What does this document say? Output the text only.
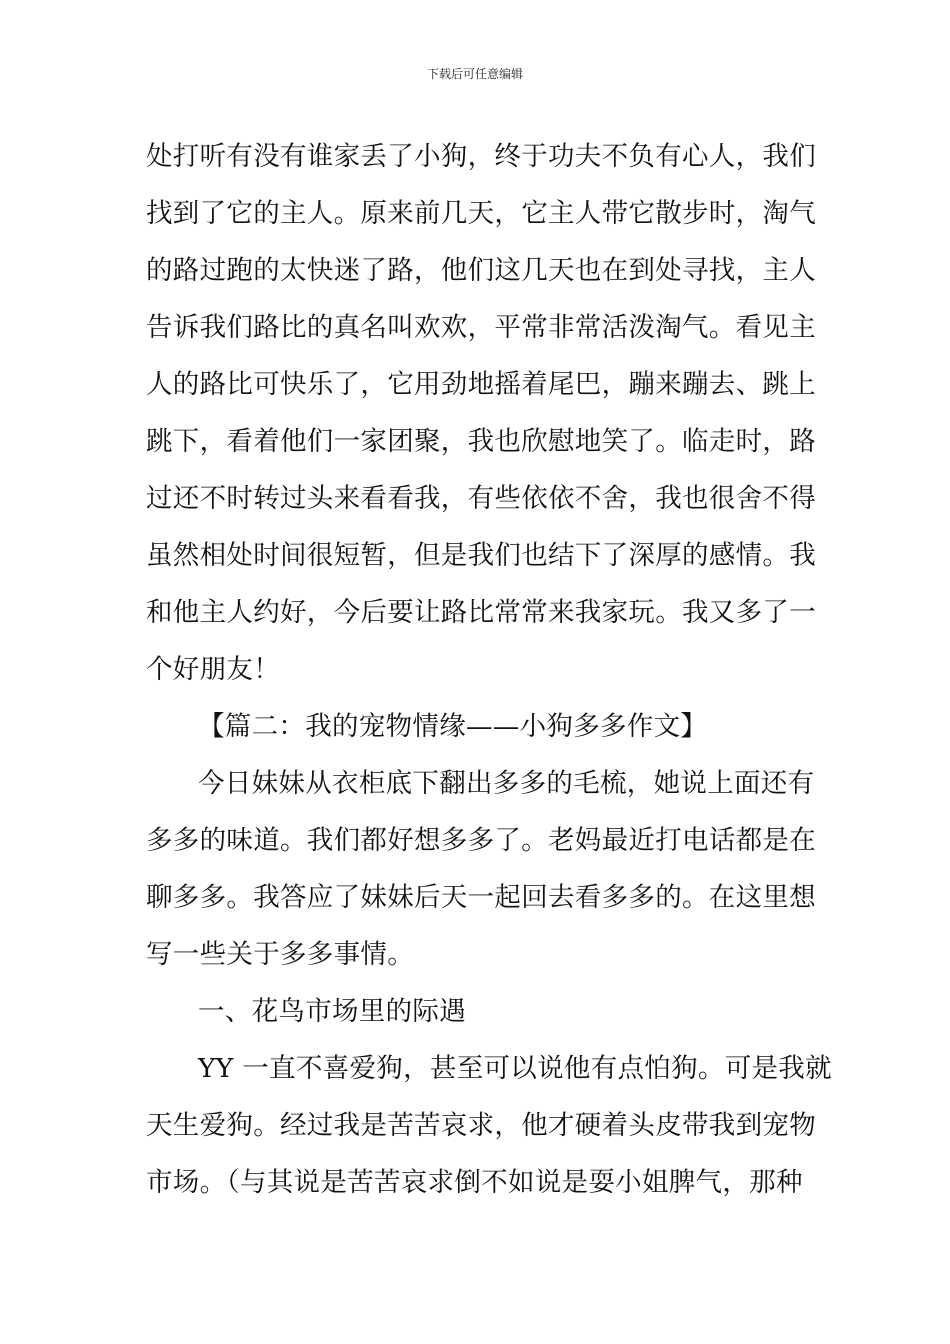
下载后可任意编辑
处打听有没有谁家丢了小狗，终于功夫不负有心人，我们
找到了它的主人。原来前几天，它主人带它散步时，淘气
的路过跑的太快迷了路，他们这几天也在到处寻找，主人
告诉我们路比的真名叫欢欢，平常非常活泼淘气。看见主
人的路比可快乐了，它用劲地摇着尾巴，蹦来蹦去、跳上
跳下，看着他们一家团聚，我也欣慰地笑了。临走时，路
过还不时转过头来看看我，有些依依不舍，我也很舍不得
虽然相处时间很短暂，但是我们也结下了深厚的感情。我
和他主人约好，今后要让路比常常来我家玩。我又多了一
个好朋友！
【篇二：我的宠物情缘——小狗多多作文】
今日妹妹从衣柜底下翻出多多的毛梳，她说上面还有
多多的味道。我们都好想多多了。老妈最近打电话都是在
聊多多。我答应了妹妹后天一起回去看多多的。在这里想
写一些关于多多事情。
一、花鸟市场里的际遇
YY 一直不喜爱狗，甚至可以说他有点怕狗。可是我就
天生爱狗。经过我是苦苦哀求，他才硬着头皮带我到宠物
市场。（与其说是苦苦哀求倒不如说是耍小姐脾气，那种
